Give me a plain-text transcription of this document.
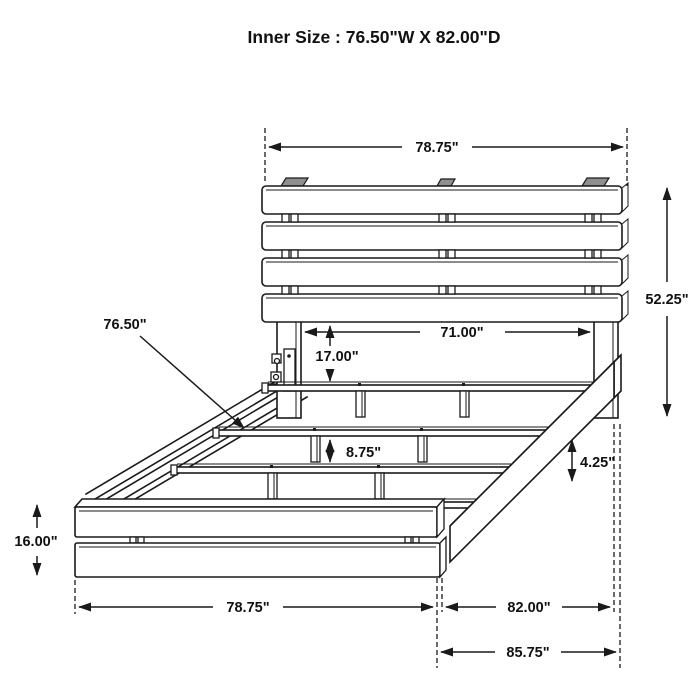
Inner Size : 76.50"W X 82.00"D
78.75"
52.25"
76.50"	71.00"
17.00"
8.75"
4.25"
16.00"
78.75"	82.00"
85.75"
